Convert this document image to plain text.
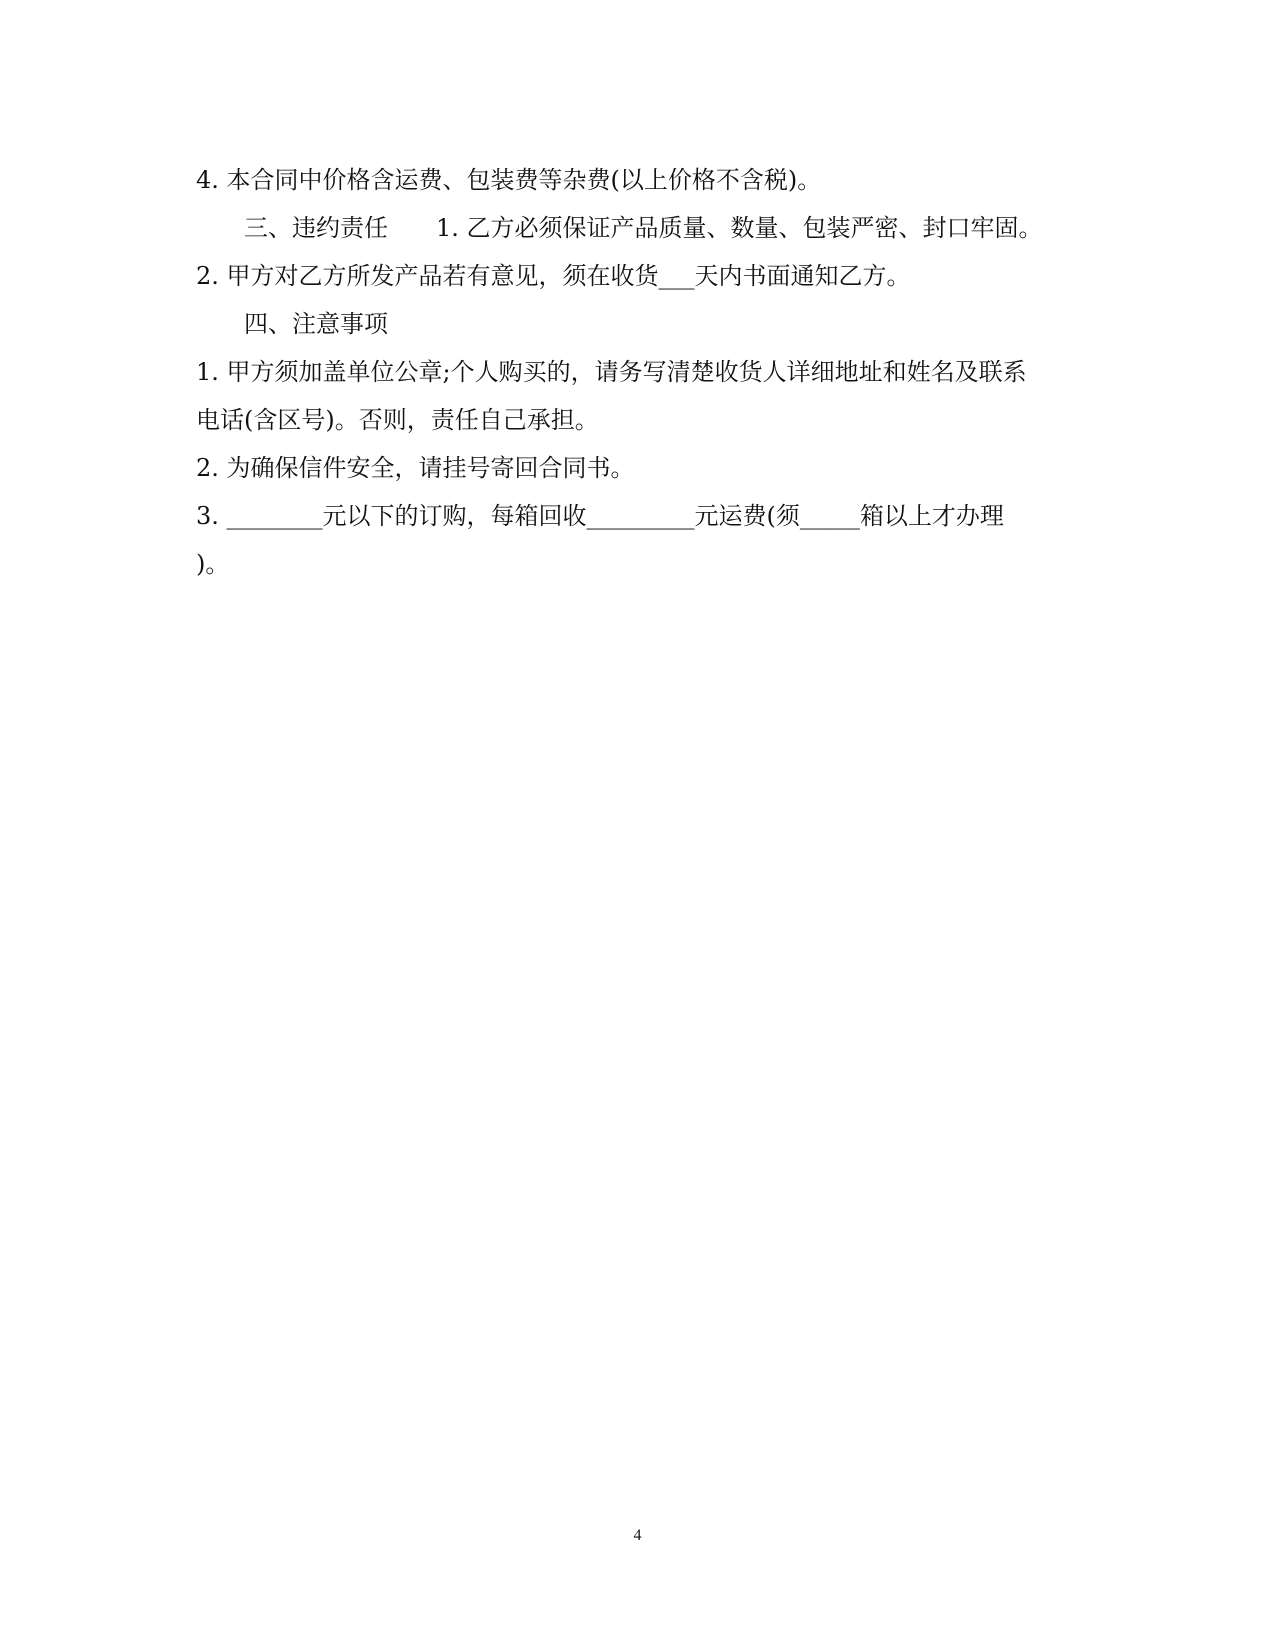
4. 本合同中价格含运费、包装费等杂费(以上价格不含税)。
三、违约责任　　1. 乙方必须保证产品质量、数量、包装严密、封口牢固。
2. 甲方对乙方所发产品若有意见，须在收货___天内书面通知乙方。
四、注意事项
1. 甲方须加盖单位公章;个人购买的，请务写清楚收货人详细地址和姓名及联系
电话(含区号)。否则，责任自己承担。
2. 为确保信件安全，请挂号寄回合同书。
3. ________元以下的订购，每箱回收_________元运费(须_____箱以上才办理
)。
4
